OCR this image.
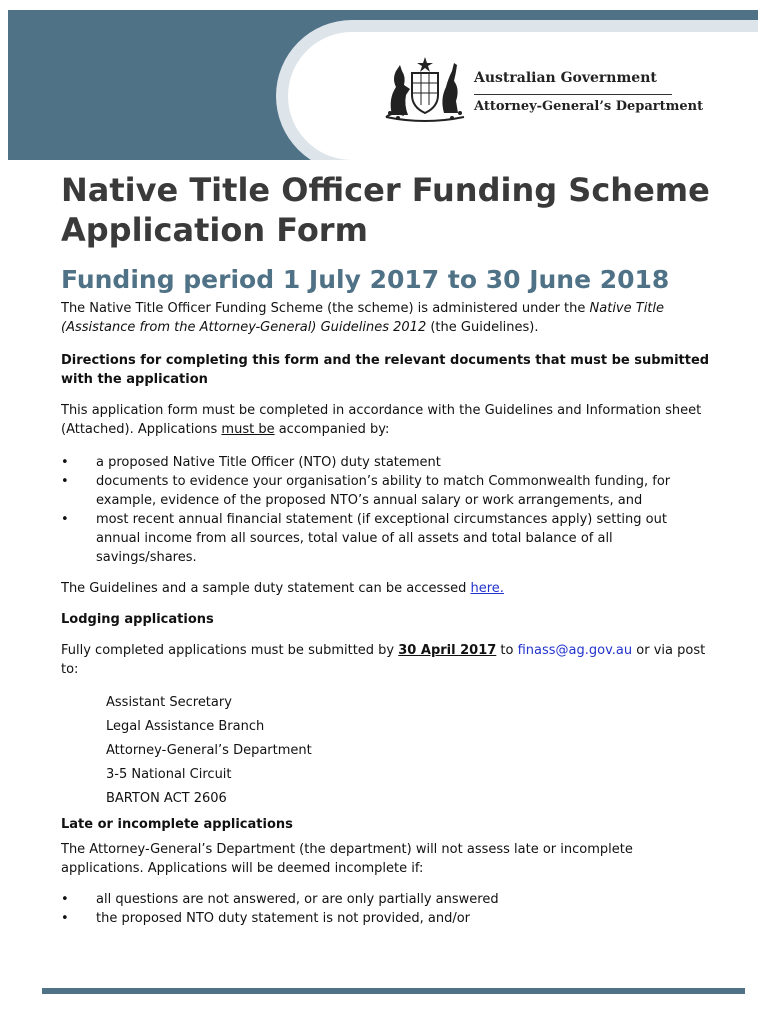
Australian Government
Attorney-General’s Department
Native Title Officer Funding Scheme Application Form
Funding period 1 July 2017 to 30 June 2018

The Native Title Officer Funding Scheme (the scheme) is administered under the Native Title (Assistance from the Attorney-General) Guidelines 2012 (the Guidelines).

Directions for completing this form and the relevant documents that must be submitted with the application

This application form must be completed in accordance with the Guidelines and Information sheet (Attached). Applications must be accompanied by:

• a proposed Native Title Officer (NTO) duty statement
• documents to evidence your organisation’s ability to match Commonwealth funding, for example, evidence of the proposed NTO’s annual salary or work arrangements, and
• most recent annual financial statement (if exceptional circumstances apply) setting out annual income from all sources, total value of all assets and total balance of all savings/shares.

The Guidelines and a sample duty statement can be accessed here.

Lodging applications

Fully completed applications must be submitted by 30 April 2017 to finass@ag.gov.au or via post to:

Assistant Secretary

Legal Assistance Branch

Attorney-General’s Department

3-5 National Circuit

BARTON ACT 2606

Late or incomplete applications

The Attorney-General’s Department (the department) will not assess late or incomplete applications. Applications will be deemed incomplete if:

• all questions are not answered, or are only partially answered
• the proposed NTO duty statement is not provided, and/or
